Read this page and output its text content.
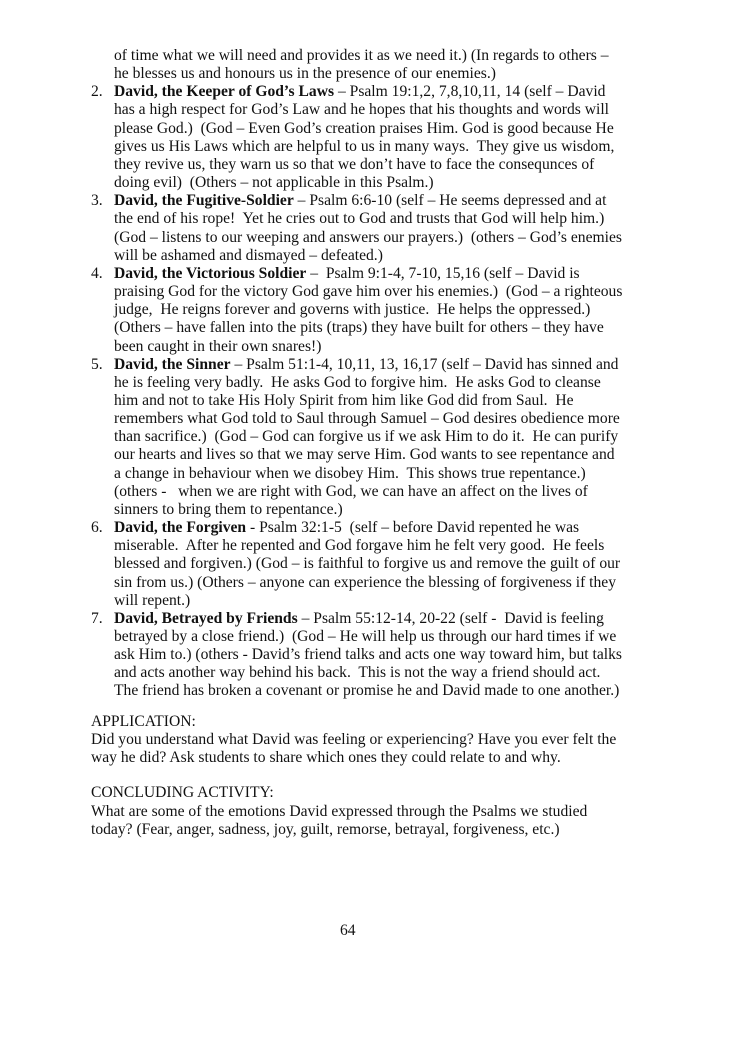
of time what we will need and provides it as we need it.) (In regards to others –
he blesses us and honours us in the presence of our enemies.)
2. David, the Keeper of God’s Laws – Psalm 19:1,2, 7,8,10,11, 14 (self – David
has a high respect for God’s Law and he hopes that his thoughts and words will
please God.)  (God – Even God’s creation praises Him. God is good because He
gives us His Laws which are helpful to us in many ways.  They give us wisdom,
they revive us, they warn us so that we don’t have to face the consequnces of
doing evil)  (Others – not applicable in this Psalm.)
3. David, the Fugitive-Soldier – Psalm 6:6-10 (self – He seems depressed and at
the end of his rope!  Yet he cries out to God and trusts that God will help him.)
(God – listens to our weeping and answers our prayers.)  (others – God’s enemies
will be ashamed and dismayed – defeated.)
4. David, the Victorious Soldier –  Psalm 9:1-4, 7-10, 15,16 (self – David is
praising God for the victory God gave him over his enemies.)  (God – a righteous
judge,  He reigns forever and governs with justice.  He helps the oppressed.)
(Others – have fallen into the pits (traps) they have built for others – they have
been caught in their own snares!)
5. David, the Sinner – Psalm 51:1-4, 10,11, 13, 16,17 (self – David has sinned and
he is feeling very badly.  He asks God to forgive him.  He asks God to cleanse
him and not to take His Holy Spirit from him like God did from Saul.  He
remembers what God told to Saul through Samuel – God desires obedience more
than sacrifice.)  (God – God can forgive us if we ask Him to do it.  He can purify
our hearts and lives so that we may serve Him. God wants to see repentance and
a change in behaviour when we disobey Him.  This shows true repentance.)
(others -   when we are right with God, we can have an affect on the lives of
sinners to bring them to repentance.)
6. David, the Forgiven - Psalm 32:1-5  (self – before David repented he was
miserable.  After he repented and God forgave him he felt very good.  He feels
blessed and forgiven.) (God – is faithful to forgive us and remove the guilt of our
sin from us.) (Others – anyone can experience the blessing of forgiveness if they
will repent.)
7. David, Betrayed by Friends – Psalm 55:12-14, 20-22 (self -  David is feeling
betrayed by a close friend.)  (God – He will help us through our hard times if we
ask Him to.) (others - David’s friend talks and acts one way toward him, but talks
and acts another way behind his back.  This is not the way a friend should act.
The friend has broken a covenant or promise he and David made to one another.)
APPLICATION:
Did you understand what David was feeling or experiencing? Have you ever felt the
way he did? Ask students to share which ones they could relate to and why.
CONCLUDING ACTIVITY:
What are some of the emotions David expressed through the Psalms we studied
today? (Fear, anger, sadness, joy, guilt, remorse, betrayal, forgiveness, etc.)
64
